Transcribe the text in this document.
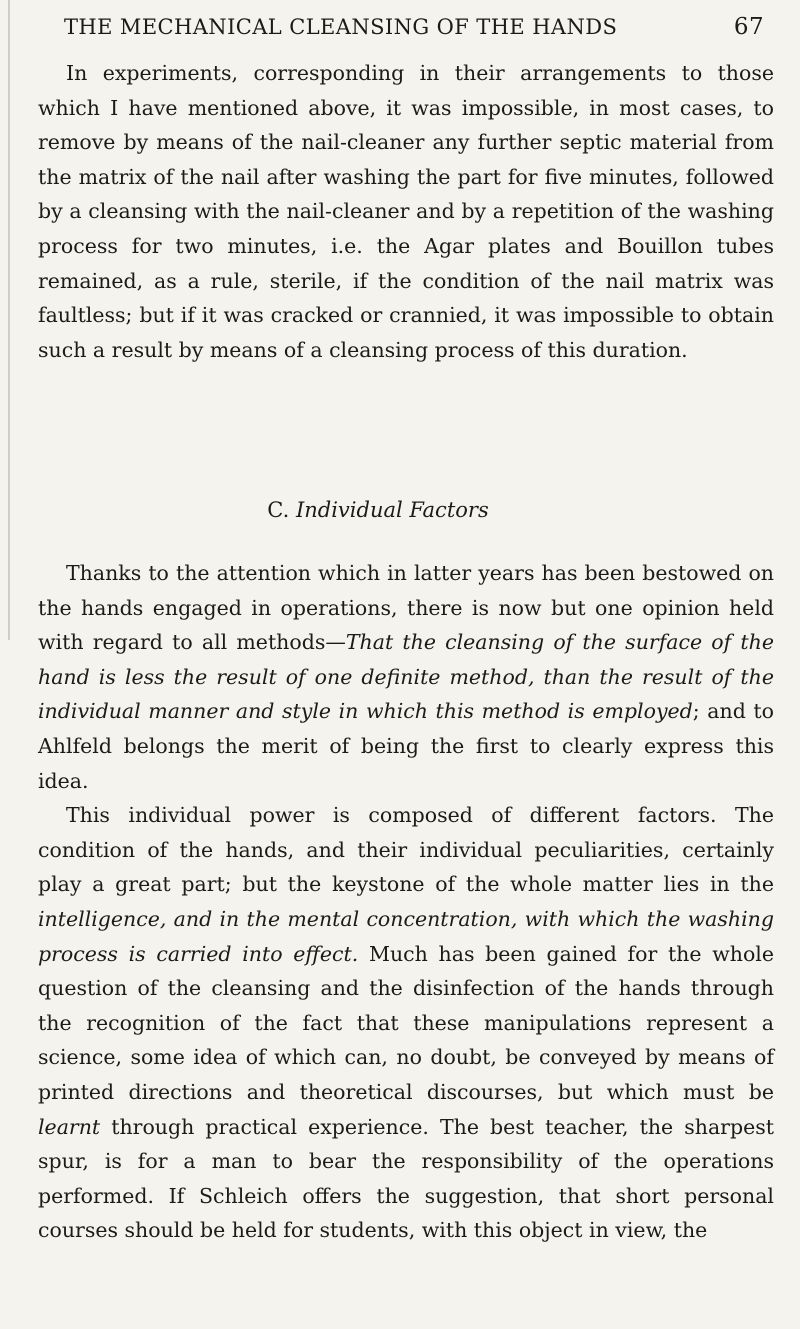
THE MECHANICAL CLEANSING OF THE HANDS	67

In experiments, corresponding in their arrangements to those which I have mentioned above, it was impossible, in most cases, to remove by means of the nail-cleaner any further septic material from the matrix of the nail after washing the part for five minutes, followed by a cleansing with the nail-cleaner and by a repetition of the washing process for two minutes, i.e. the Agar plates and Bouillon tubes remained, as a rule, sterile, if the condition of the nail matrix was faultless; but if it was cracked or crannied, it was impossible to obtain such a result by means of a cleansing process of this duration.

C. Individual Factors

Thanks to the attention which in latter years has been bestowed on the hands engaged in operations, there is now but one opinion held with regard to all methods—That the cleansing of the surface of the hand is less the result of one definite method, than the result of the individual manner and style in which this method is employed; and to Ahlfeld belongs the merit of being the first to clearly express this idea.

This individual power is composed of different factors. The condition of the hands, and their individual peculiarities, certainly play a great part; but the keystone of the whole matter lies in the intelligence, and in the mental concentration, with which the washing process is carried into effect. Much has been gained for the whole question of the cleansing and the disinfection of the hands through the recognition of the fact that these manipulations represent a science, some idea of which can, no doubt, be conveyed by means of printed directions and theoretical discourses, but which must be learnt through practical experience. The best teacher, the sharpest spur, is for a man to bear the responsibility of the operations performed. If Schleich offers the suggestion, that short personal courses should be held for students, with this object in view, the
